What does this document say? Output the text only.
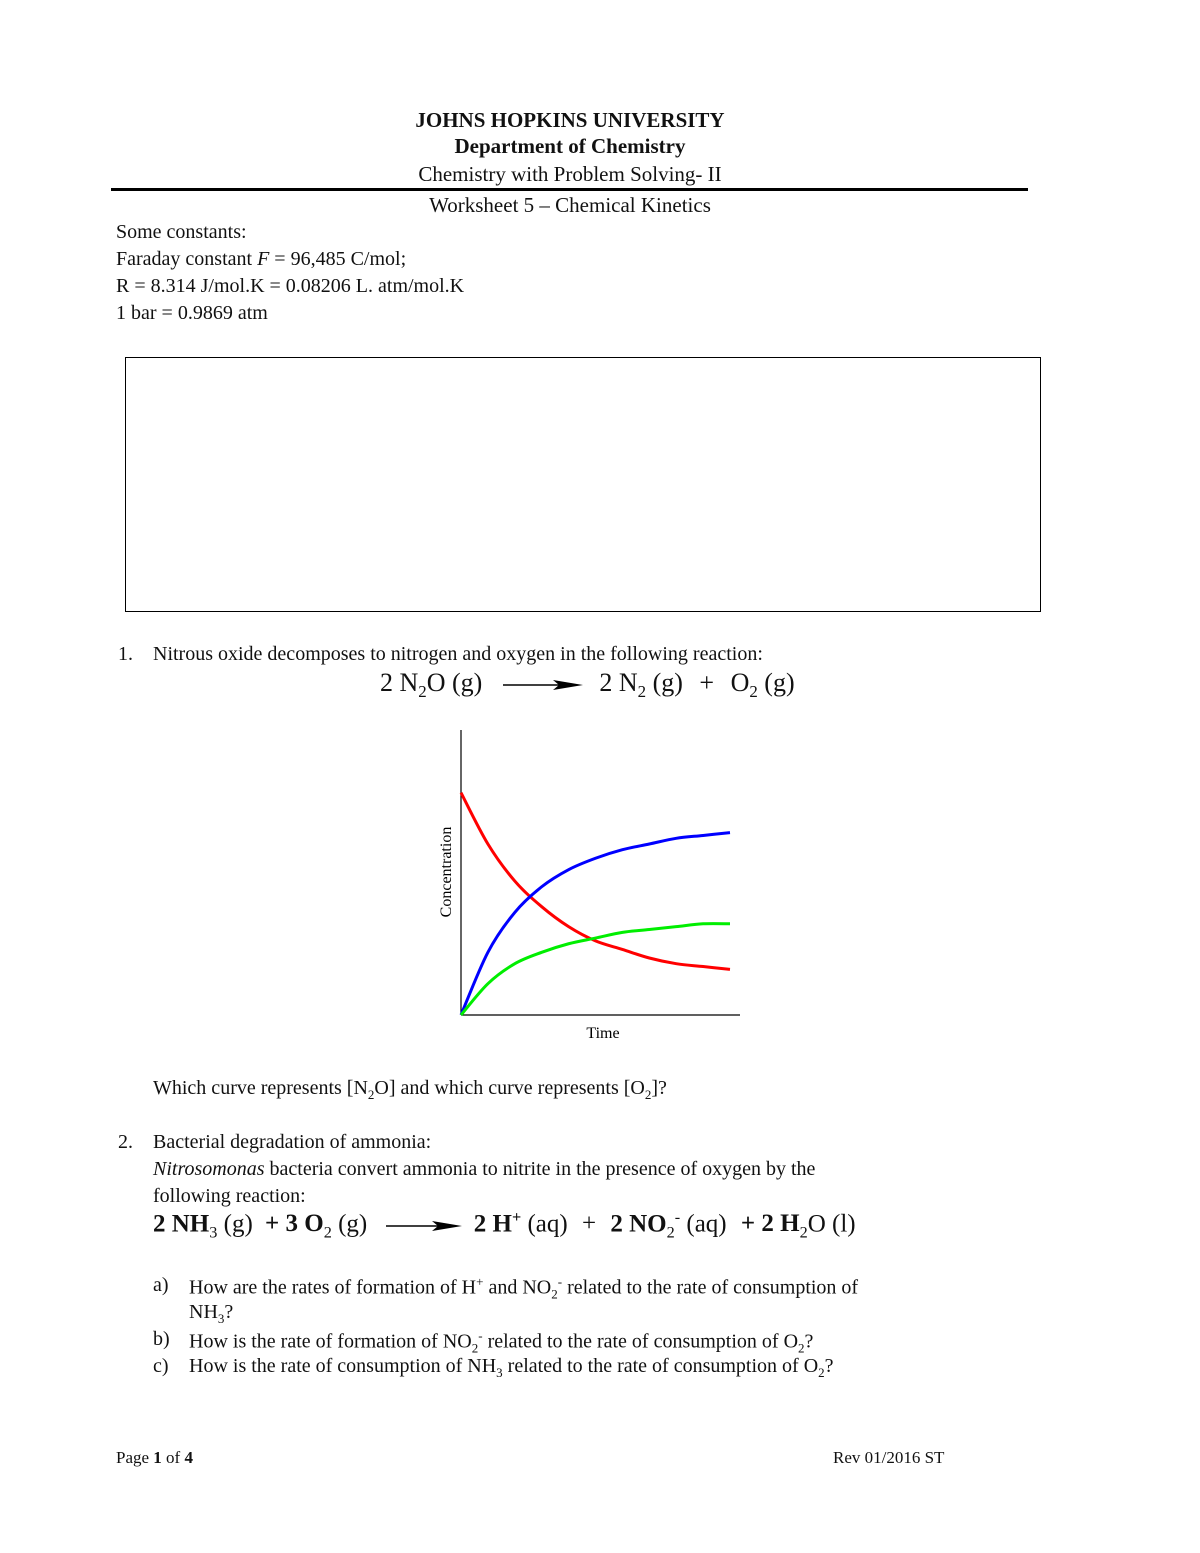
JOHNS HOPKINS UNIVERSITY
Department of Chemistry
Chemistry with Problem Solving- II
Worksheet 5 – Chemical Kinetics
Some constants:
Faraday constant F = 96,485 C/mol;
R = 8.314 J/mol.K = 0.08206 L. atm/mol.K
1 bar = 0.9869 atm
1. Nitrous oxide decomposes to nitrogen and oxygen in the following reaction:
2 $N_2O$ (g) → 2 $N_2$ $(g) + O_2$ (g)
Time
Concentration
Which curve represents $[N_2O]$ and which curve represents $[O_2]$?
2. Bacterial degradation of ammonia:
Nitrosomonas bacteria convert ammonia to nitrite in the presence of oxygen by the
following reaction:
2 $NH_3$ (g) + 3 $O_2$ (g) → 2 H+ (aq) + 2 $NO_2^-$ (aq) + 2 $H_2O$ (l)
a) How are the rates of formation of H+ and $NO_2^-$ related to the rate of consumption of
$NH_3$?
b) How is the rate of formation of $NO_2^-$ related to the rate of consumption of $O_2$?
c) How is the rate of consumption of $NH_3$ related to the rate of consumption of $O_2$?
Page 1 of 4	Rev 01/2016 ST
